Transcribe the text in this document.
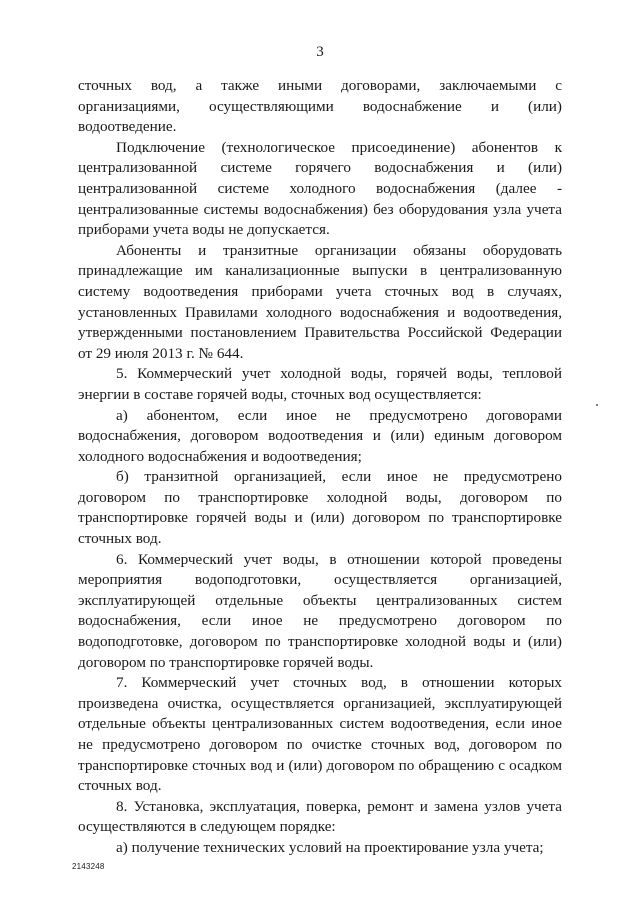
3

сточных вод, а также иными договорами, заключаемыми с организациями, осуществляющими водоснабжение и (или) водоотведение.

Подключение (технологическое присоединение) абонентов к централизованной системе горячего водоснабжения и (или) централизованной системе холодного водоснабжения (далее - централизованные системы водоснабжения) без оборудования узла учета приборами учета воды не допускается.

Абоненты и транзитные организации обязаны оборудовать принадлежащие им канализационные выпуски в централизованную систему водоотведения приборами учета сточных вод в случаях, установленных Правилами холодного водоснабжения и водоотведения, утвержденными постановлением Правительства Российской Федерации от 29 июля 2013 г. № 644.

5. Коммерческий учет холодной воды, горячей воды, тепловой энергии в составе горячей воды, сточных вод осуществляется:

а) абонентом, если иное не предусмотрено договорами водоснабжения, договором водоотведения и (или) единым договором холодного водоснабжения и водоотведения;

б) транзитной организацией, если иное не предусмотрено договором по транспортировке холодной воды, договором по транспортировке горячей воды и (или) договором по транспортировке сточных вод.

6. Коммерческий учет воды, в отношении которой проведены мероприятия водоподготовки, осуществляется организацией, эксплуатирующей отдельные объекты централизованных систем водоснабжения, если иное не предусмотрено договором по водоподготовке, договором по транспортировке холодной воды и (или) договором по транспортировке горячей воды.

7. Коммерческий учет сточных вод, в отношении которых произведена очистка, осуществляется организацией, эксплуатирующей отдельные объекты централизованных систем водоотведения, если иное не предусмотрено договором по очистке сточных вод, договором по транспортировке сточных вод и (или) договором по обращению с осадком сточных вод.

8. Установка, эксплуатация, поверка, ремонт и замена узлов учета осуществляются в следующем порядке:

а) получение технических условий на проектирование узла учета;

2143248
